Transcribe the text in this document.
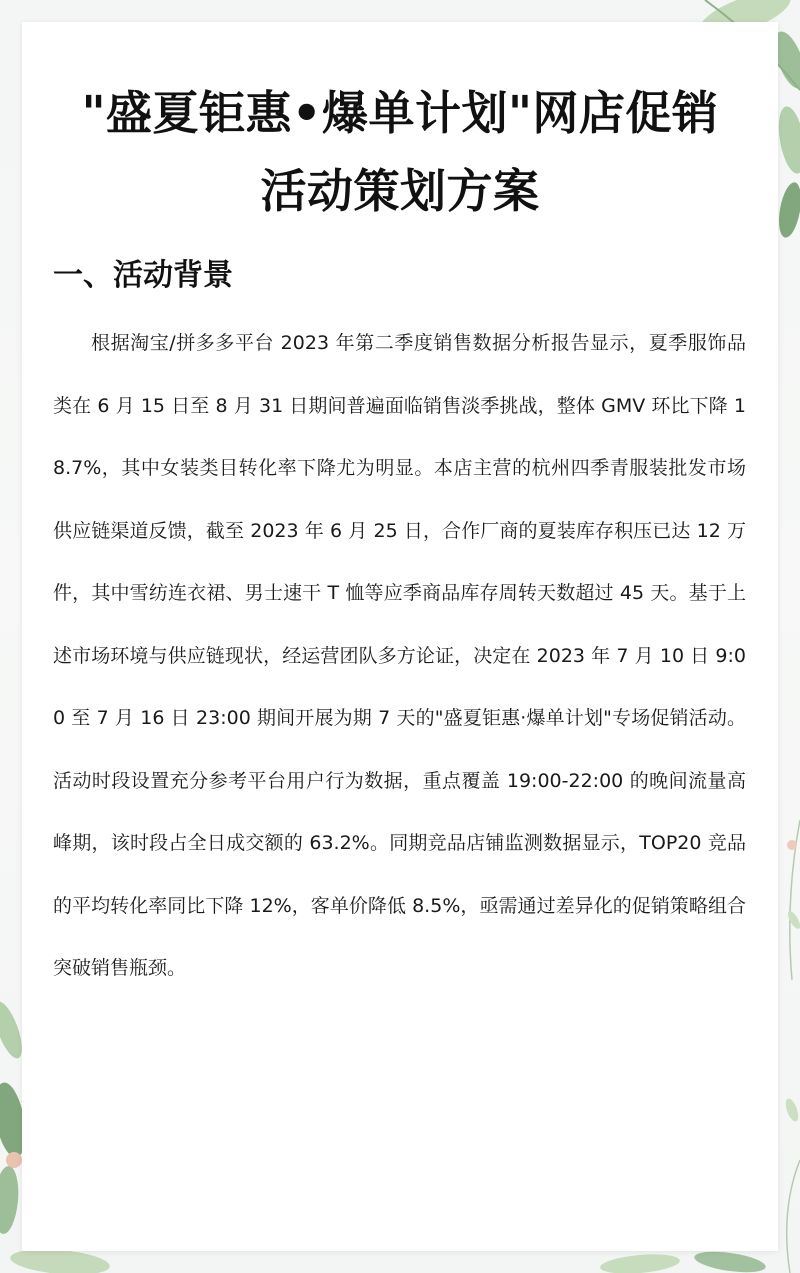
"盛夏钜惠•爆单计划"网店促销
活动策划方案
一、活动背景

根据淘宝/拼多多平台 2023 年第二季度销售数据分析报告显示，夏季服饰品类在 6 月 15 日至 8 月 31 日期间普遍面临销售淡季挑战，整体 GMV 环比下降 18.7%，其中女装类目转化率下降尤为明显。本店主营的杭州四季青服装批发市场供应链渠道反馈，截至 2023 年 6 月 25 日，合作厂商的夏装库存积压已达 12 万件，其中雪纺连衣裙、男士速干 T 恤等应季商品库存周转天数超过 45 天。基于上述市场环境与供应链现状，经运营团队多方论证，决定在 2023 年 7 月 10 日 9:00 至 7 月 16 日 23:00 期间开展为期 7 天的"盛夏钜惠·爆单计划"专场促销活动。活动时段设置充分参考平台用户行为数据，重点覆盖 19:00-22:00 的晚间流量高峰期，该时段占全日成交额的 63.2%。同期竞品店铺监测数据显示，TOP20 竞品的平均转化率同比下降 12%，客单价降低 8.5%，亟需通过差异化的促销策略组合突破销售瓶颈。
